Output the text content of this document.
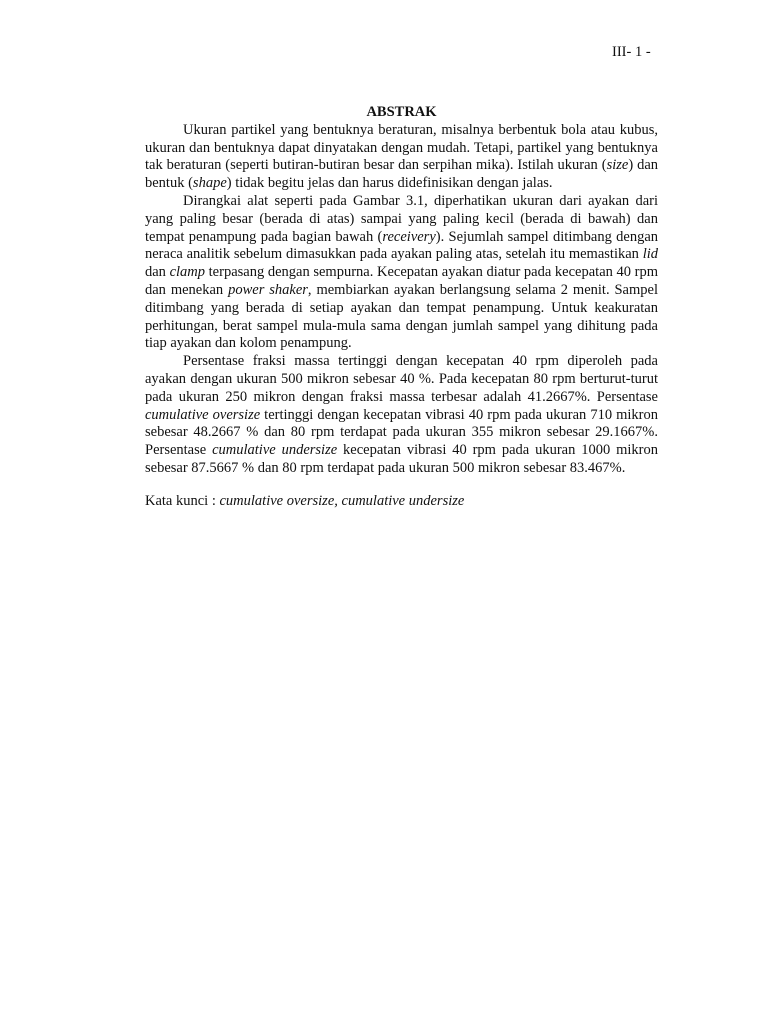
III- 1 -

ABSTRAK

Ukuran partikel yang bentuknya beraturan, misalnya berbentuk bola atau kubus, ukuran dan bentuknya dapat dinyatakan dengan mudah. Tetapi, partikel yang bentuknya tak beraturan (seperti butiran-butiran besar dan serpihan mika). Istilah ukuran (size) dan bentuk (shape) tidak begitu jelas dan harus didefinisikan dengan jalas.

Dirangkai alat seperti pada Gambar 3.1, diperhatikan ukuran dari ayakan dari yang paling besar (berada di atas) sampai yang paling kecil (berada di bawah) dan tempat penampung pada bagian bawah (receivery). Sejumlah sampel ditimbang dengan neraca analitik sebelum dimasukkan pada ayakan paling atas, setelah itu memastikan lid dan clamp terpasang dengan sempurna. Kecepatan ayakan diatur pada kecepatan 40 rpm dan menekan power shaker, membiarkan ayakan berlangsung selama 2 menit. Sampel ditimbang yang berada di setiap ayakan dan tempat penampung. Untuk keakuratan perhitungan, berat sampel mula-mula sama dengan jumlah sampel yang dihitung pada tiap ayakan dan kolom penampung.

Persentase fraksi massa tertinggi dengan kecepatan 40 rpm diperoleh pada ayakan dengan ukuran 500 mikron sebesar 40 %. Pada kecepatan 80 rpm berturut-turut pada ukuran 250 mikron dengan fraksi massa terbesar adalah 41.2667%. Persentase cumulative oversize tertinggi dengan kecepatan vibrasi 40 rpm pada ukuran 710 mikron sebesar 48.2667 % dan 80 rpm terdapat pada ukuran 355 mikron sebesar 29.1667%. Persentase cumulative undersize kecepatan vibrasi 40 rpm pada ukuran 1000 mikron sebesar 87.5667 % dan 80 rpm terdapat pada ukuran 500 mikron sebesar 83.467%.

Kata kunci : cumulative oversize, cumulative undersize
